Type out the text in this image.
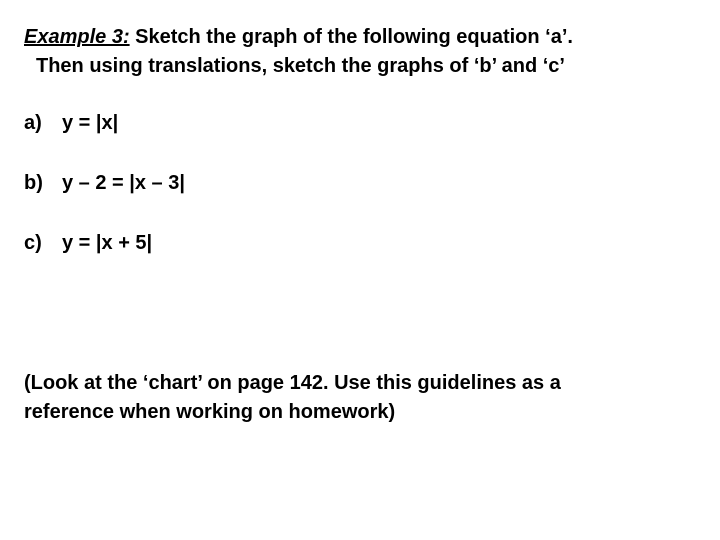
Example 3: Sketch the graph of the following equation ‘a’.
Then using translations, sketch the graphs of ‘b’ and ‘c’
a) y = |x|
b) y – 2 = |x – 3|
c) y = |x + 5|
(Look at the ‘chart’ on page 142. Use this guidelines as a
reference when working on homework)
